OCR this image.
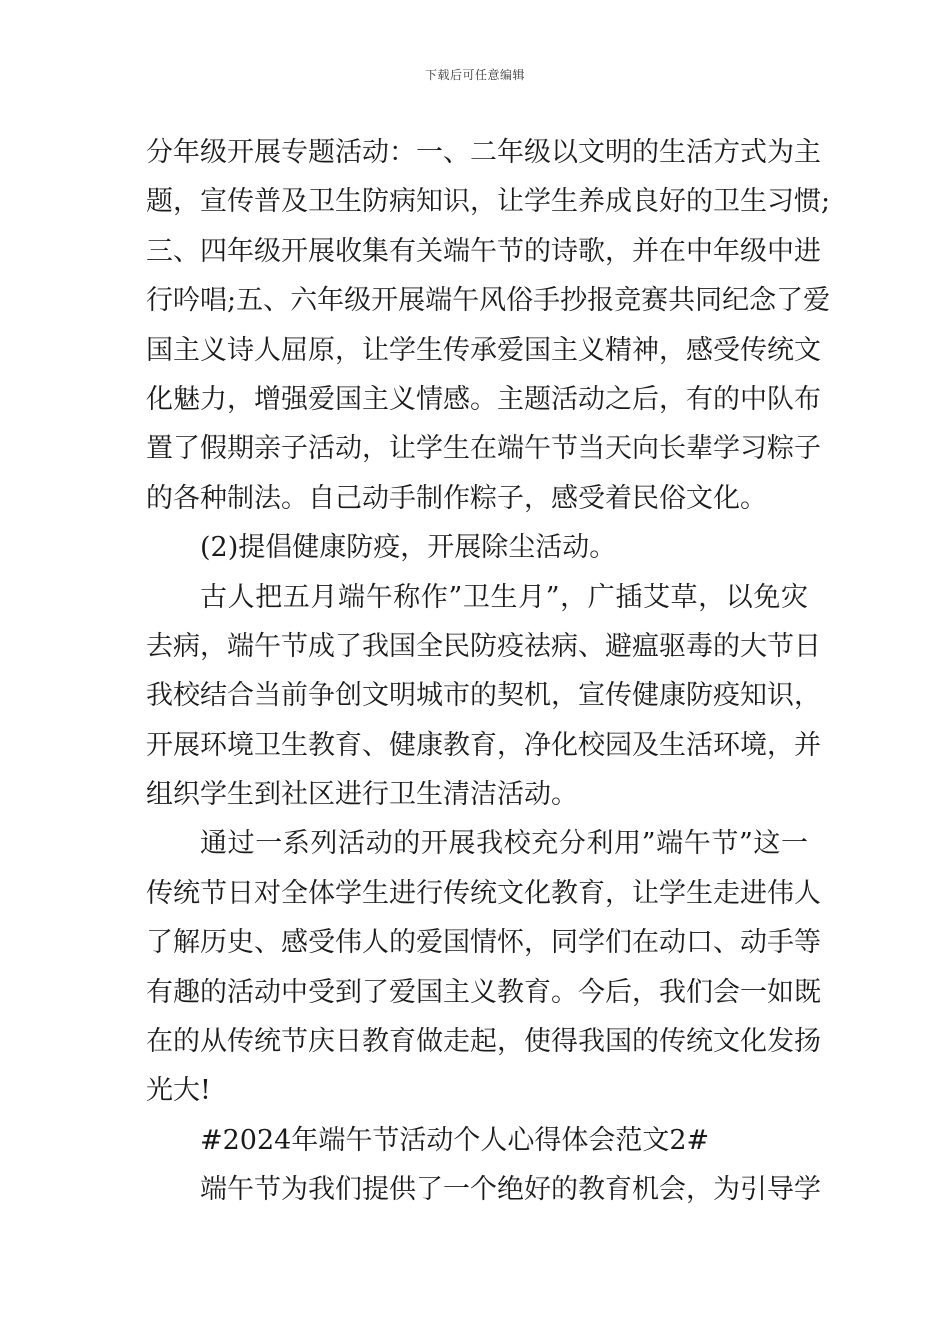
下载后可任意编辑
分年级开展专题活动：一、二年级以文明的生活方式为主
题，宣传普及卫生防病知识，让学生养成良好的卫生习惯;
三、四年级开展收集有关端午节的诗歌，并在中年级中进
行吟唱;五、六年级开展端午风俗手抄报竞赛共同纪念了爱
国主义诗人屈原，让学生传承爱国主义精神，感受传统文
化魅力，增强爱国主义情感。主题活动之后，有的中队布
置了假期亲子活动，让学生在端午节当天向长辈学习粽子
的各种制法。自己动手制作粽子，感受着民俗文化。
(2)提倡健康防疫，开展除尘活动。
古人把五月端午称作”卫生月”，广插艾草，以免灾
去病，端午节成了我国全民防疫祛病、避瘟驱毒的大节日
我校结合当前争创文明城市的契机，宣传健康防疫知识，
开展环境卫生教育、健康教育，净化校园及生活环境，并
组织学生到社区进行卫生清洁活动。
通过一系列活动的开展我校充分利用”端午节”这一
传统节日对全体学生进行传统文化教育，让学生走进伟人
了解历史、感受伟人的爱国情怀，同学们在动口、动手等
有趣的活动中受到了爱国主义教育。今后，我们会一如既
在的从传统节庆日教育做走起，使得我国的传统文化发扬
光大!
#2024年端午节活动个人心得体会范文2#
端午节为我们提供了一个绝好的教育机会，为引导学
